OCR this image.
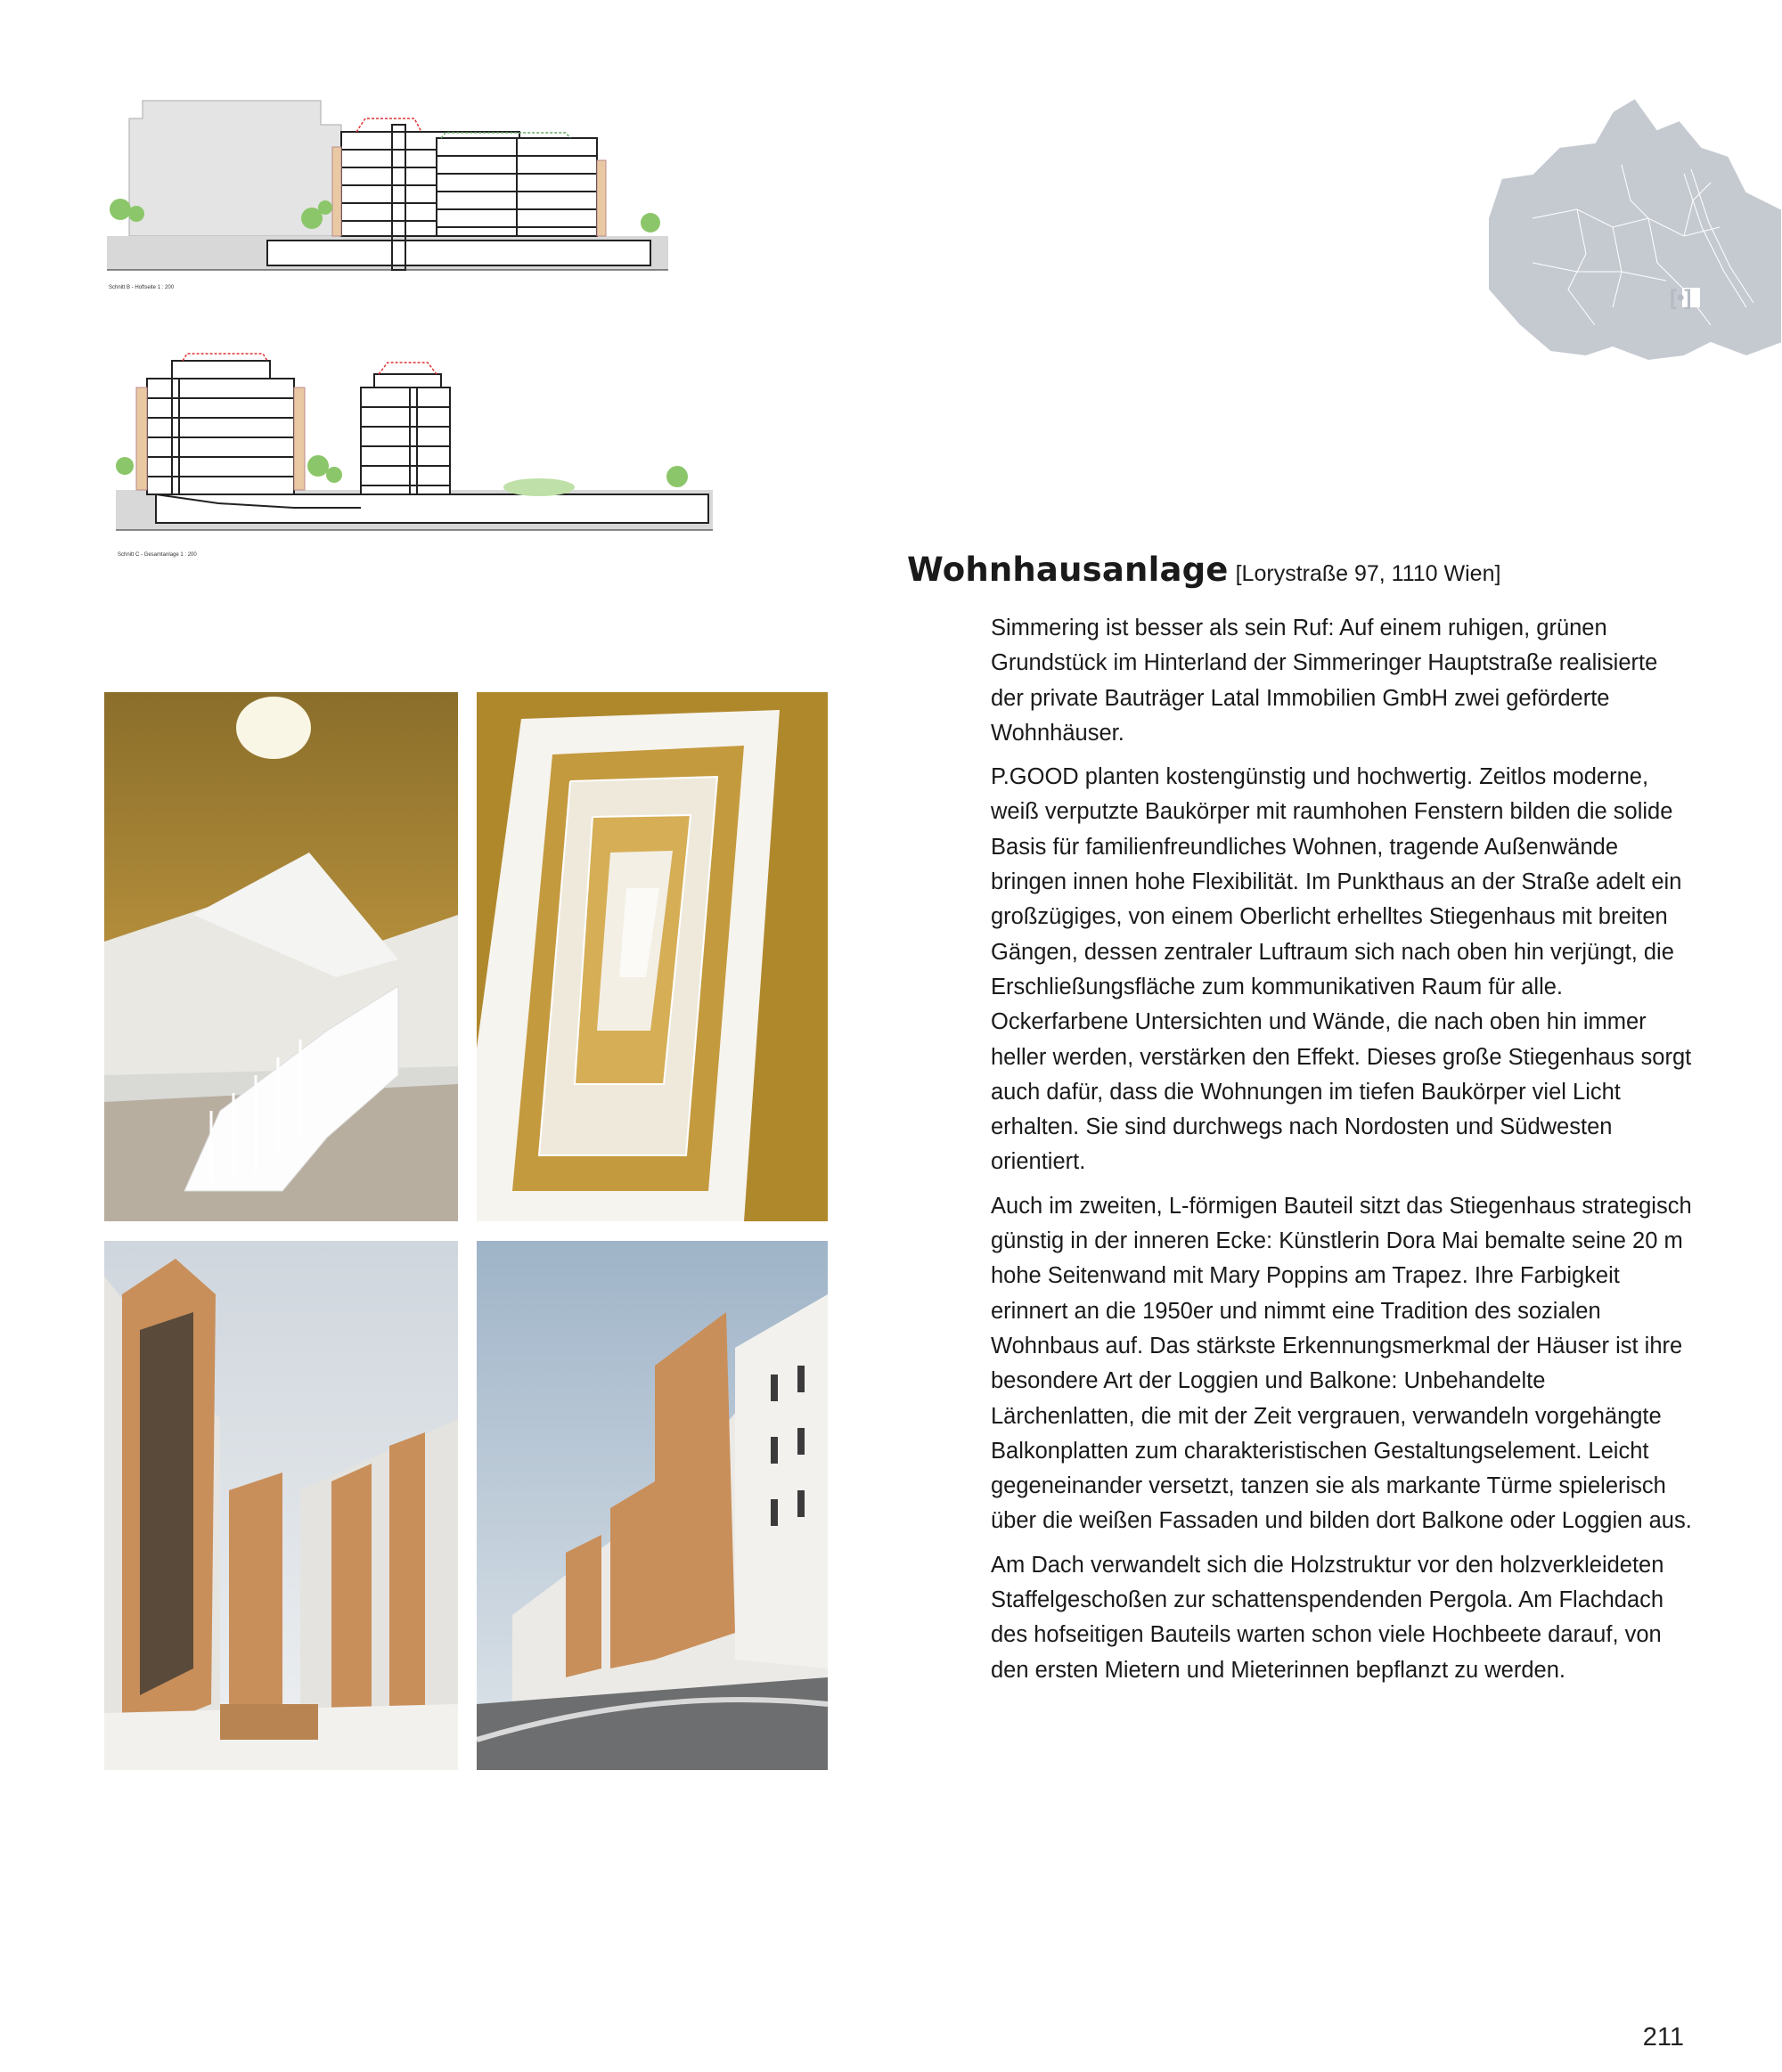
Schnitt B - Hoftseite 1 : 200
Schnitt C - Gesamtanlage 1 : 200
[•]
Wohnhausanlage [Lorystraße 97, 1110 Wien]

Simmering ist besser als sein Ruf: Auf einem ruhigen, grünen Grundstück im Hinterland der Simmeringer Hauptstraße realisierte der private Bauträger Latal Immobilien GmbH zwei geförderte Wohnhäuser.

P.GOOD planten kostengünstig und hochwertig. Zeitlos moderne, weiß verputzte Baukörper mit raumhohen Fenstern bilden die solide Basis für familienfreundliches Wohnen, tragende Außenwände bringen innen hohe Flexibilität. Im Punkthaus an der Straße adelt ein großzügiges, von einem Oberlicht erhelltes Stiegenhaus mit breiten Gängen, dessen zentraler Luftraum sich nach oben hin verjüngt, die Erschließungsfläche zum kommunikativen Raum für alle. Ockerfarbene Untersichten und Wände, die nach oben hin immer heller werden, verstärken den Effekt. Dieses große Stiegenhaus sorgt auch dafür, dass die Wohnungen im tiefen Baukörper viel Licht erhalten. Sie sind durchwegs nach Nordosten und Südwesten orientiert.

Auch im zweiten, L-förmigen Bauteil sitzt das Stiegenhaus strategisch günstig in der inneren Ecke: Künstlerin Dora Mai bemalte seine 20 m hohe Seitenwand mit Mary Poppins am Trapez. Ihre Farbigkeit erinnert an die 1950er und nimmt eine Tradition des sozialen Wohnbaus auf. Das stärkste Erkennungsmerkmal der Häuser ist ihre besondere Art der Loggien und Balkone: Unbehandelte Lärchenlatten, die mit der Zeit vergrauen, verwandeln vorgehängte Balkonplatten zum charakteristischen Gestaltungselement. Leicht gegeneinander versetzt, tanzen sie als markante Türme spielerisch über die weißen Fassaden und bilden dort Balkone oder Loggien aus.

Am Dach verwandelt sich die Holzstruktur vor den holzverkleideten Staffelgeschoßen zur schattenspendenden Pergola. Am Flachdach des hofseitigen Bauteils warten schon viele Hochbeete darauf, von den ersten Mietern und Mieterinnen bepflanzt zu werden.

211
